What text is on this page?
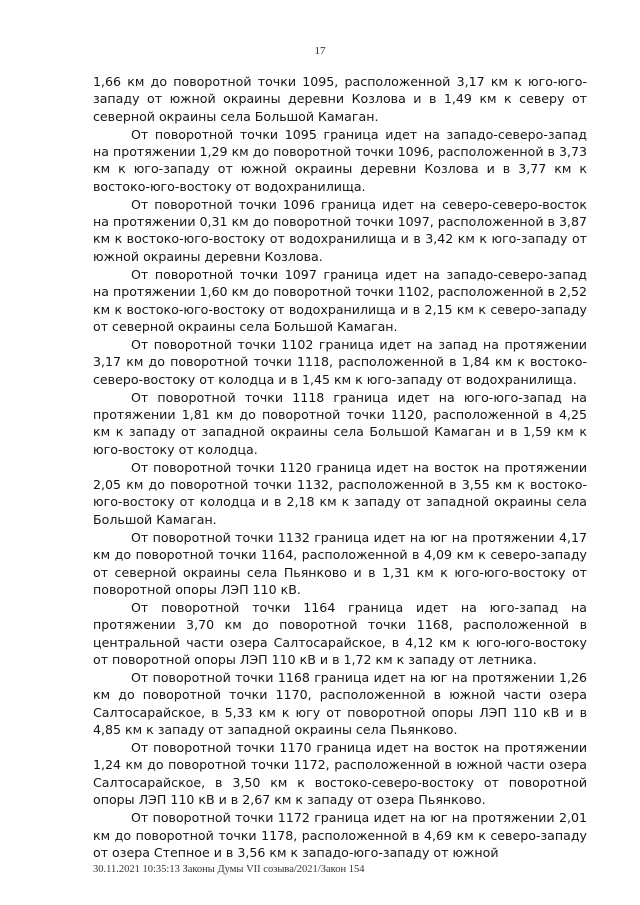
17

1,66 км до поворотной точки 1095, расположенной 3,17 км к юго-юго-западу от южной окраины деревни Козлова и в 1,49 км к северу от северной окраины села Большой Камаган.

От поворотной точки 1095 граница идет на западо-северо-запад на протяжении 1,29 км до поворотной точки 1096, расположенной в 3,73 км к юго-западу от южной окраины деревни Козлова и в 3,77 км к востоко-юго-востоку от водохранилища.

От поворотной точки 1096 граница идет на северо-северо-восток на протяжении 0,31 км до поворотной точки 1097, расположенной в 3,87 км к востоко-юго-востоку от водохранилища и в 3,42 км к юго-западу от южной окраины деревни Козлова.

От поворотной точки 1097 граница идет на западо-северо-запад на протяжении 1,60 км до поворотной точки 1102, расположенной в 2,52 км к востоко-юго-востоку от водохранилища и в 2,15 км к северо-западу от северной окраины села Большой Камаган.

От поворотной точки 1102 граница идет на запад на протяжении 3,17 км до поворотной точки 1118, расположенной в 1,84 км к востоко-северо-востоку от колодца и в 1,45 км к юго-западу от водохранилища.

От поворотной точки 1118 граница идет на юго-юго-запад на протяжении 1,81 км до поворотной точки 1120, расположенной в 4,25 км к западу от западной окраины села Большой Камаган и в 1,59 км к юго-востоку от колодца.

От поворотной точки 1120 граница идет на восток на протяжении 2,05 км до поворотной точки 1132, расположенной в 3,55 км к востоко-юго-востоку от колодца и в 2,18 км к западу от западной окраины села Большой Камаган.

От поворотной точки 1132 граница идет на юг на протяжении 4,17 км до поворотной точки 1164, расположенной в 4,09 км к северо-западу от северной окраины села Пьянково и в 1,31 км к юго-юго-востоку от поворотной опоры ЛЭП 110 кВ.

От поворотной точки 1164 граница идет на юго-запад на протяжении 3,70 км до поворотной точки 1168, расположенной в центральной части озера Салтосарайское, в 4,12 км к юго-юго-востоку от поворотной опоры ЛЭП 110 кВ и в 1,72 км к западу от летника.

От поворотной точки 1168 граница идет на юг на протяжении 1,26 км до поворотной точки 1170, расположенной в южной части озера Салтосарайское, в 5,33 км к югу от поворотной опоры ЛЭП 110 кВ и в 4,85 км к западу от западной окраины села Пьянково.

От поворотной точки 1170 граница идет на восток на протяжении 1,24 км до поворотной точки 1172, расположенной в южной части озера Салтосарайское, в 3,50 км к востоко-северо-востоку от поворотной опоры ЛЭП 110 кВ и в 2,67 км к западу от озера Пьянково.

От поворотной точки 1172 граница идет на юг на протяжении 2,01 км до поворотной точки 1178, расположенной в 4,69 км к северо-западу от озера Степное и в 3,56 км к западо-юго-западу от южной

30.11.2021 10:35:13 Законы Думы VII созыва/2021/Закон 154
